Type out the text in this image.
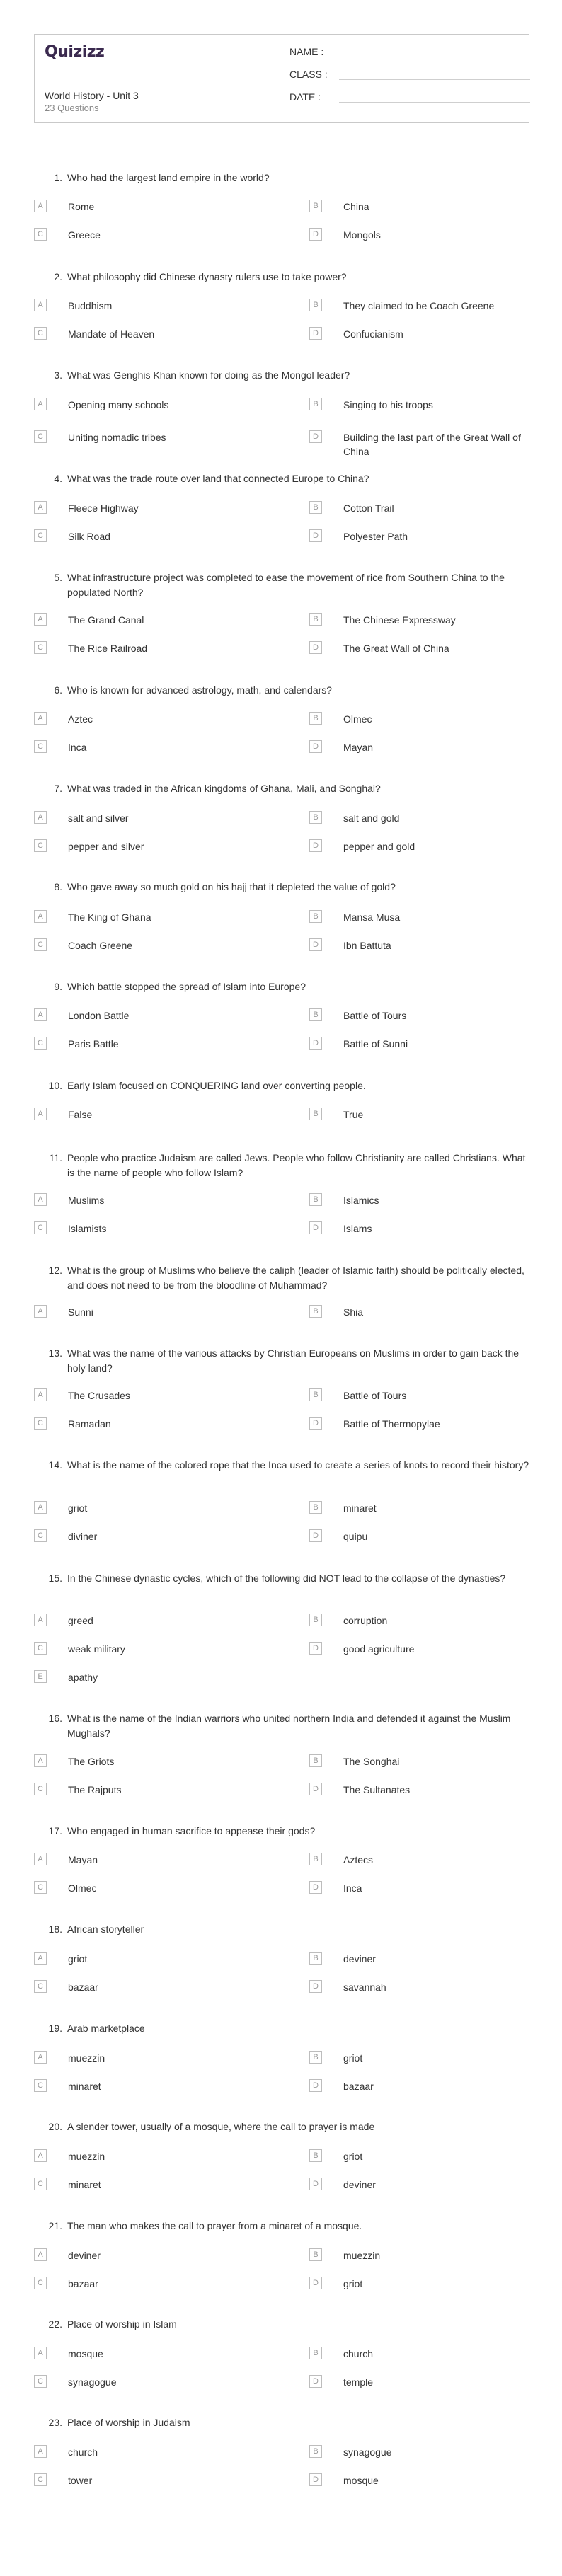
Quizizz
World History - Unit 3
23 Questions
NAME :
CLASS :
DATE :
1. Who had the largest land empire in the world?
A	Rome	B	China
C	Greece	D	Mongols
2. What philosophy did Chinese dynasty rulers use to take power?
A	Buddhism	B	They claimed to be Coach Greene
C	Mandate of Heaven	D	Confucianism
3. What was Genghis Khan known for doing as the Mongol leader?
A	Opening many schools	B	Singing to his troops
C	Uniting nomadic tribes	D	Building the last part of the Great Wall of China
4. What was the trade route over land that connected Europe to China?
A	Fleece Highway	B	Cotton Trail
C	Silk Road	D	Polyester Path
5. What infrastructure project was completed to ease the movement of rice from Southern China to the populated North?
A	The Grand Canal	B	The Chinese Expressway
C	The Rice Railroad	D	The Great Wall of China
6. Who is known for advanced astrology, math, and calendars?
A	Aztec	B	Olmec
C	Inca	D	Mayan
7. What was traded in the African kingdoms of Ghana, Mali, and Songhai?
A	salt and silver	B	salt and gold
C	pepper and silver	D	pepper and gold
8. Who gave away so much gold on his hajj that it depleted the value of gold?
A	The King of Ghana	B	Mansa Musa
C	Coach Greene	D	Ibn Battuta
9. Which battle stopped the spread of Islam into Europe?
A	London Battle	B	Battle of Tours
C	Paris Battle	D	Battle of Sunni
10. Early Islam focused on CONQUERING land over converting people.
A	False	B	True
11. People who practice Judaism are called Jews. People who follow Christianity are called Christians. What is the name of people who follow Islam?
A	Muslims	B	Islamics
C	Islamists	D	Islams
12. What is the group of Muslims who believe the caliph (leader of Islamic faith) should be politically elected, and does not need to be from the bloodline of Muhammad?
A	Sunni	B	Shia
13. What was the name of the various attacks by Christian Europeans on Muslims in order to gain back the holy land?
A	The Crusades	B	Battle of Tours
C	Ramadan	D	Battle of Thermopylae
14. What is the name of the colored rope that the Inca used to create a series of knots to record their history?
A	griot	B	minaret
C	diviner	D	quipu
15. In the Chinese dynastic cycles, which of the following did NOT lead to the collapse of the dynasties?
A	greed	B	corruption
C	weak military	D	good agriculture
E	apathy
16. What is the name of the Indian warriors who united northern India and defended it against the Muslim Mughals?
A	The Griots	B	The Songhai
C	The Rajputs	D	The Sultanates
17. Who engaged in human sacrifice to appease their gods?
A	Mayan	B	Aztecs
C	Olmec	D	Inca
18. African storyteller
A	griot	B	deviner
C	bazaar	D	savannah
19. Arab marketplace
A	muezzin	B	griot
C	minaret	D	bazaar
20. A slender tower, usually of a mosque, where the call to prayer is made
A	muezzin	B	griot
C	minaret	D	deviner
21. The man who makes the call to prayer from a minaret of a mosque.
A	deviner	B	muezzin
C	bazaar	D	griot
22. Place of worship in Islam
A	mosque	B	church
C	synagogue	D	temple
23. Place of worship in Judaism
A	church	B	synagogue
C	tower	D	mosque
